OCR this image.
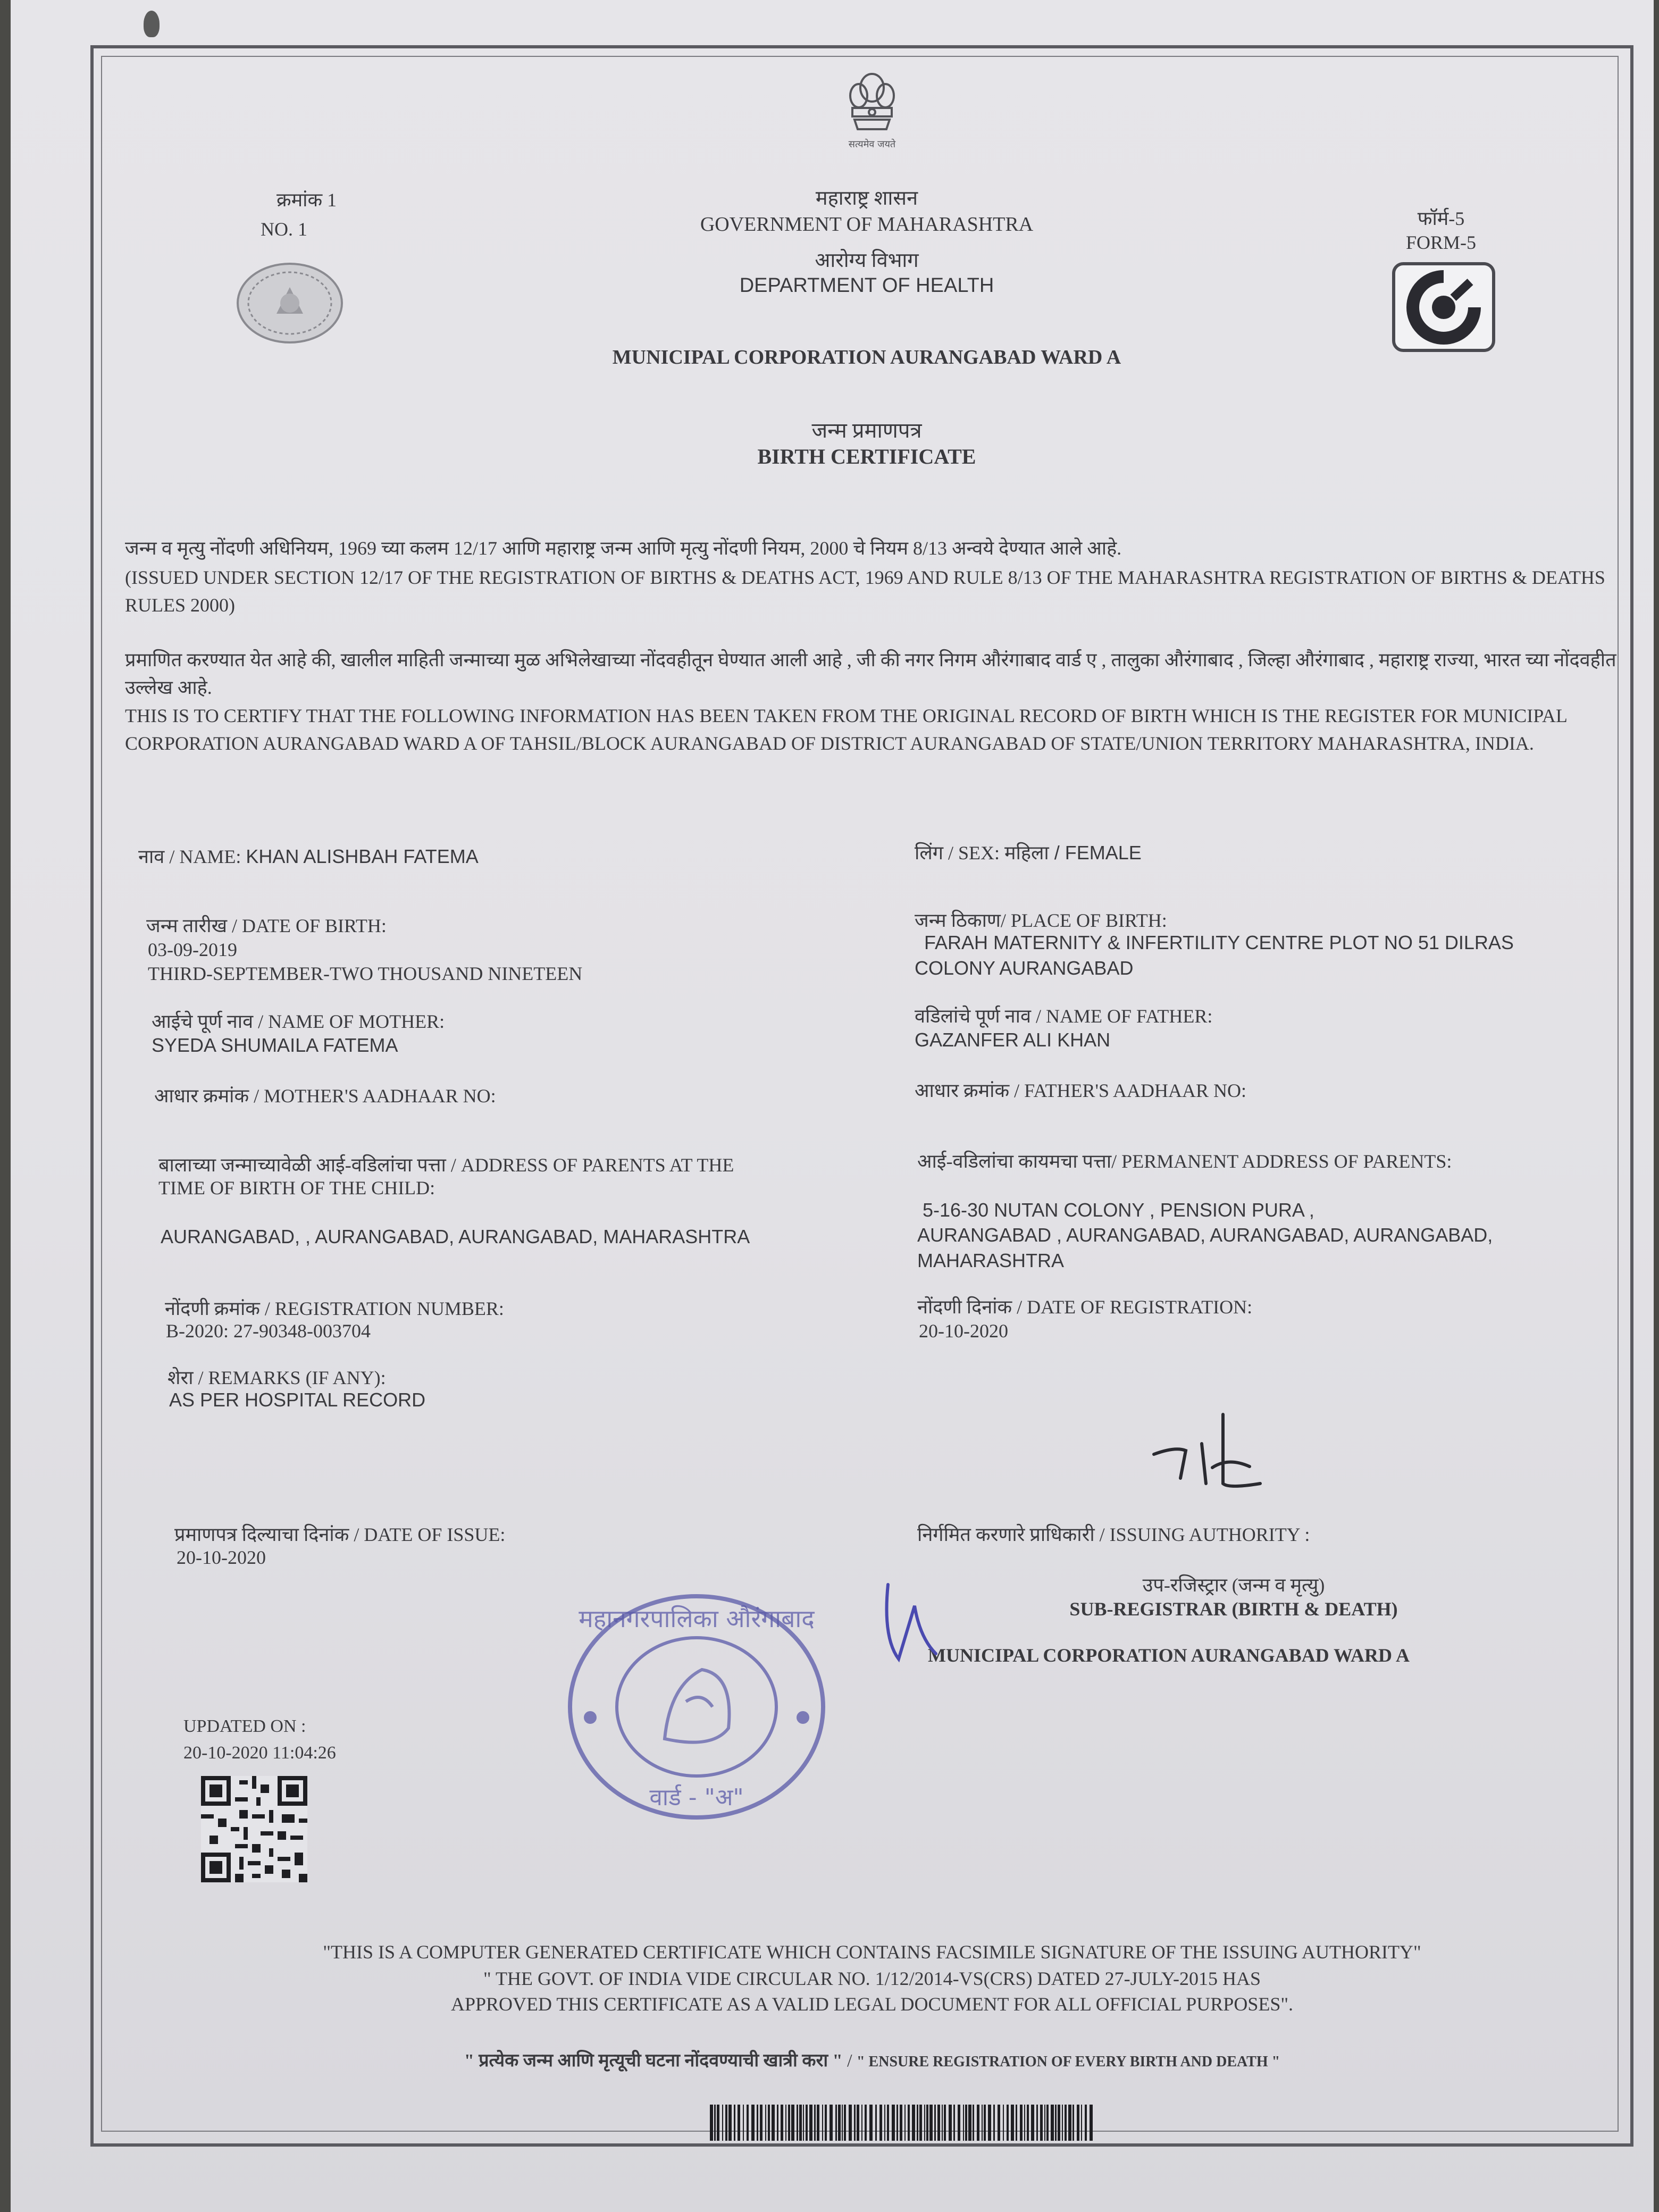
सत्यमेव जयते
क्रमांक 1
NO. 1
महाराष्ट्र शासन
GOVERNMENT OF MAHARASHTRA
आरोग्य विभाग
DEPARTMENT OF HEALTH
फॉर्म-5
FORM-5
MUNICIPAL CORPORATION AURANGABAD WARD A
जन्म प्रमाणपत्र
BIRTH CERTIFICATE
जन्म व मृत्यु नोंदणी अधिनियम, 1969 च्या कलम 12/17 आणि महाराष्ट्र जन्म आणि मृत्यु नोंदणी नियम, 2000 चे नियम 8/13 अन्वये देण्यात आले आहे.
(ISSUED UNDER SECTION 12/17 OF THE REGISTRATION OF BIRTHS & DEATHS ACT, 1969 AND RULE 8/13 OF THE MAHARASHTRA REGISTRATION OF BIRTHS & DEATHS RULES 2000)
प्रमाणित करण्यात येत आहे की, खालील माहिती जन्माच्या मुळ अभिलेखाच्या नोंदवहीतून घेण्यात आली आहे , जी की नगर निगम औरंगाबाद वार्ड ए , तालुका औरंगाबाद , जिल्हा औरंगाबाद , महाराष्ट्र राज्या, भारत च्या नोंदवहीत उल्लेख आहे.
THIS IS TO CERTIFY THAT THE FOLLOWING INFORMATION HAS BEEN TAKEN FROM THE ORIGINAL RECORD OF BIRTH WHICH IS THE REGISTER FOR MUNICIPAL CORPORATION AURANGABAD WARD A OF TAHSIL/BLOCK AURANGABAD OF DISTRICT AURANGABAD OF STATE/UNION TERRITORY MAHARASHTRA, INDIA.
नाव / NAME: KHAN ALISHBAH FATEMA
जन्म तारीख / DATE OF BIRTH:
03-09-2019
THIRD-SEPTEMBER-TWO THOUSAND NINETEEN
आईचे पूर्ण नाव / NAME OF MOTHER:
SYEDA SHUMAILA FATEMA
आधार क्रमांक / MOTHER'S AADHAAR NO:
बालाच्या जन्माच्यावेळी आई-वडिलांचा पत्ता / ADDRESS OF PARENTS AT THE
TIME OF BIRTH OF THE CHILD:
AURANGABAD, , AURANGABAD, AURANGABAD, MAHARASHTRA
नोंदणी क्रमांक / REGISTRATION NUMBER:
B-2020: 27-90348-003704
शेरा / REMARKS (IF ANY):
AS PER HOSPITAL RECORD
प्रमाणपत्र दिल्याचा दिनांक / DATE OF ISSUE:
20-10-2020
UPDATED ON :
20-10-2020 11:04:26
लिंग / SEX: महिला / FEMALE
जन्म ठिकाण/ PLACE OF BIRTH:
FARAH MATERNITY & INFERTILITY CENTRE PLOT NO 51 DILRAS
COLONY AURANGABAD
वडिलांचे पूर्ण नाव / NAME OF FATHER:
GAZANFER ALI KHAN
आधार क्रमांक / FATHER'S AADHAAR NO:
आई-वडिलांचा कायमचा पत्ता/ PERMANENT ADDRESS OF PARENTS:
5-16-30 NUTAN COLONY , PENSION PURA ,
AURANGABAD , AURANGABAD, AURANGABAD, AURANGABAD,
MAHARASHTRA
नोंदणी दिनांक / DATE OF REGISTRATION:
20-10-2020
निर्गमित करणारे प्राधिकारी / ISSUING AUTHORITY :
उप-रजिस्ट्रार (जन्म व मृत्यु)
SUB-REGISTRAR (BIRTH & DEATH)
MUNICIPAL CORPORATION AURANGABAD WARD A
महानगरपालिका औरंगाबाद
वार्ड - "अ"
"THIS IS A COMPUTER GENERATED CERTIFICATE WHICH CONTAINS FACSIMILE SIGNATURE OF THE ISSUING AUTHORITY"
" THE GOVT. OF INDIA VIDE CIRCULAR NO. 1/12/2014-VS(CRS) DATED 27-JULY-2015 HAS
APPROVED THIS CERTIFICATE AS A VALID LEGAL DOCUMENT FOR ALL OFFICIAL PURPOSES".
" प्रत्येक जन्म आणि मृत्यूची घटना नोंदवण्याची खात्री करा " / " ENSURE REGISTRATION OF EVERY BIRTH AND DEATH "
